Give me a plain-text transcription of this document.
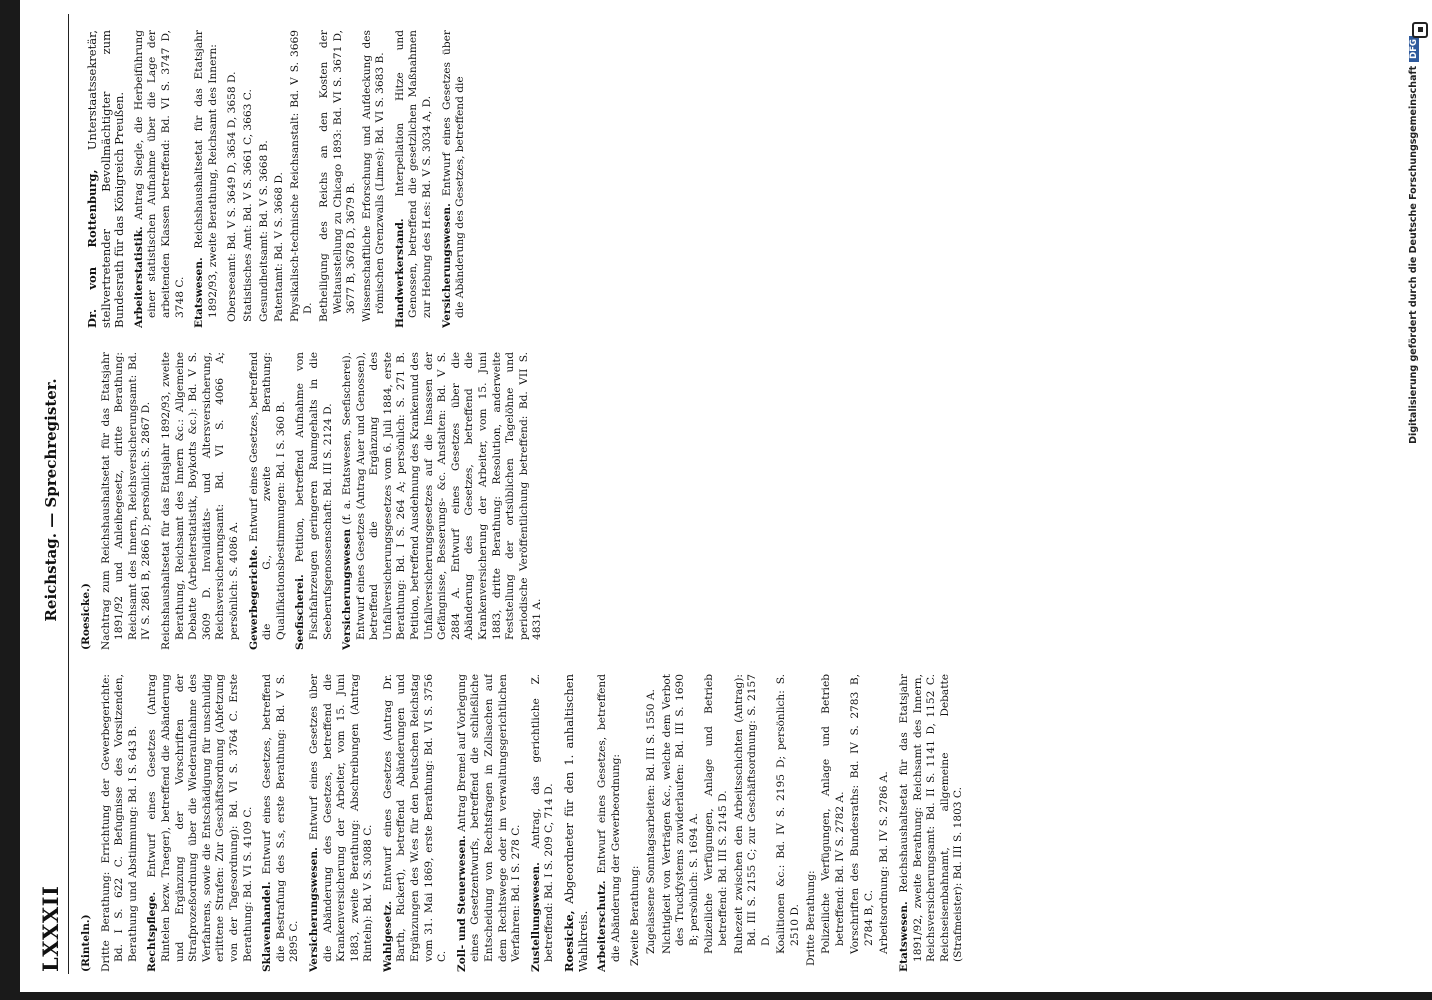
LXXXII
Reichstag. — Sprechregister.
(Rinteln.) Dritte Berathung: Errichtung der Gewerbegerichte: Bd. I S. 622 C. Befugnisse des Vorsitzenden, Berathung und Abstimmung: Bd. I S. 643 B. Rechtspflege. Entwurf eines Gesetzes (Antrag Rintelen bezw. Traeger), betreffend die Abänderung und Ergänzung der Vorschriften der Strafprozeßordnung über die Wiederaufnahme des Verfahrens, sowie die Entschädigung für unschuldig erlittene Strafen: Zur Geschäftsordnung (Abfetzung von der Tagesordnung): Bd. VI S. 3764 C. Erste Berathung: Bd. VI S. 4109 C. Sklavenhandel. Entwurf eines Gesetzes, betreffend die Bestrafung des S.s, erste Berathung: Bd. V S. 2895 C. Versicherungswesen. Entwurf eines Gesetzes über die Abänderung des Gesetzes, betreffend die Krankenversicherung der Arbeiter, vom 15. Juni 1883, zweite Berathung: Abschreibungen (Antrag Rinteln): Bd. V S. 3088 C. Wahlgesetz. Entwurf eines Gesetzes (Antrag Dr. Barth, Rickert), betreffend Abänderungen und Ergänzungen des W.es für den Deutschen Reichstag vom 31. Mai 1869, erste Berathung: Bd. VI S. 3756 C. Zoll- und Steuerwesen. Antrag Bremel auf Vorlegung eines Gesetzentwurfs, betreffend die schließliche Entscheidung von Rechtsfragen in Zollsachen auf dem Rechtswege oder im verwaltungsgerichtlichen Verfahren: Bd. I S. 278 C. Zustellungswesen. Antrag, das gerichtliche Z. betreffend: Bd. I S. 209 C, 714 D. Roesicke, Abgeordneter für den 1. anhaltischen Wahlkreis. Arbeiterschutz. Entwurf eines Gesetzes, betreffend die Abänderung der Gewerbeordnung: Zweite Berathung: Zugelassene Sonntagsarbeiten: Bd. III S. 1550 A. Nichtigkeit von Verträgen &c., welche dem Verbot des Truckfystems zuwiderlaufen: Bd. III S. 1690 B; persönlich: S. 1694 A. Polizeiliche Verfügungen, Anlage und Betrieb betreffend: Bd. III S. 2145 D. Ruhezeit zwischen den Arbeitsschichten (Antrag): Bd. III S. 2155 C; zur Geschäftsordnung: S. 2157 D. Koalitionen &c.: Bd. IV S. 2195 D; persönlich: S. 2510 D. Dritte Berathung: Polizeiliche Verfügungen, Anlage und Betrieb betreffend: Bd. IV S. 2782 A. Vorschriften des Bundesraths: Bd. IV S. 2783 B, 2784 B, C. Arbeitsordnung: Bd. IV S. 2786 A. Etatswesen. Reichshaushaltsetat für das Etatsjahr 1891/92, zweite Berathung: Reichsamt des Innern, Reichsversicherungsamt: Bd. II S. 1141 D, 1152 C. Reichseisenbahnamt, allgemeine Debatte (Strafmeister): Bd. III S. 1803 C.
(Roesicke.) Nachtrag zum Reichshaushaltsetat für das Etatsjahr 1891/92 und Anleihegesetz, dritte Berathung: Reichsamt des Innern, Reichsversicherungsamt: Bd. IV S. 2861 B, 2866 D; persönlich: S. 2867 D. Reichshaushaltsetat für das Etatsjahr 1892/93, zweite Berathung, Reichsamt des Innern &c.: Allgemeine Debatte (Arbeiterstatistik, Boykotts &c.): Bd. V S. 3609 D. Invaliditäts- und Altersversicherung, Reichsversicherungsamt: Bd. VI S. 4066 A; persönlich: S. 4086 A. Gewerbegerichte. Entwurf eines Gesetzes, betreffend die G., zweite Berathung: Qualifikationsbestimmungen: Bd. I S. 360 B. Seefischerei. Petition, betreffend Aufnahme von Fischfahrzeugen geringeren Raumgehalts in die Seeberufsgenossenschaft: Bd. III S. 2124 D. Versicherungswesen (f. a. Etatswesen, Seefischerei). Entwurf eines Gesetzes (Antrag Auer und Genossen), betreffend die Ergänzung des Unfallversicherungsgesetzes vom 6. Juli 1884, erste Berathung: Bd. I S. 264 A; persönlich: S. 271 B. Petition, betreffend Ausdehnung des Krankenund des Unfallversicherungsgesetzes auf die Insassen der Gefängnisse, Besserungs- &c. Anstalten: Bd. V S. 2884 A. Entwurf eines Gesetzes über die Abänderung des Gesetzes, betreffend die Krankenversicherung der Arbeiter, vom 15. Juni 1883, dritte Berathung: Resolution, anderweite Feststellung der ortsüblichen Tagelöhne und periodische Veröffentlichung betreffend: Bd. VII S. 4831 A.
Dr. von Rottenburg, Unterstaatssekretär, stellvertretender Bevollmächtigter zum Bundesrath für das Königreich Preußen. Arbeiterstatistik. Antrag Siegle, die Herbeiführung einer statistischen Aufnahme über die Lage der arbeitenden Klassen betreffend: Bd. VI S. 3747 D, 3748 C. Etatswesen. Reichshaushaltsetat für das Etatsjahr 1892/93, zweite Berathung, Reichsamt des Innern: Oberseeamt: Bd. V S. 3649 D, 3654 D, 3658 D. Statistisches Amt: Bd. V S. 3661 C, 3663 C. Gesundheitsamt: Bd. V S. 3668 B. Patentamt: Bd. V S. 3668 D. Physikalisch-technische Reichsanstalt: Bd. V S. 3669 D. Betheiligung des Reichs an den Kosten der Weltausstellung zu Chicago 1893: Bd. VI S. 3671 D, 3677 B, 3678 D, 3679 B. Wissenschaftliche Erforschung und Aufdeckung des römischen Grenzwalls (Limes): Bd. VI S. 3683 B. Handwerkerstand. Interpellation Hitze und Genossen, betreffend die gesetzlichen Maßnahmen zur Hebung des H.es: Bd. V S. 3034 A, D. Versicherungswesen. Entwurf eines Gesetzes über die Abänderung des Gesetzes, betreffend die	Digitalisierung gefördert durch die Deutsche ForschungsgemeinschaftDFG
